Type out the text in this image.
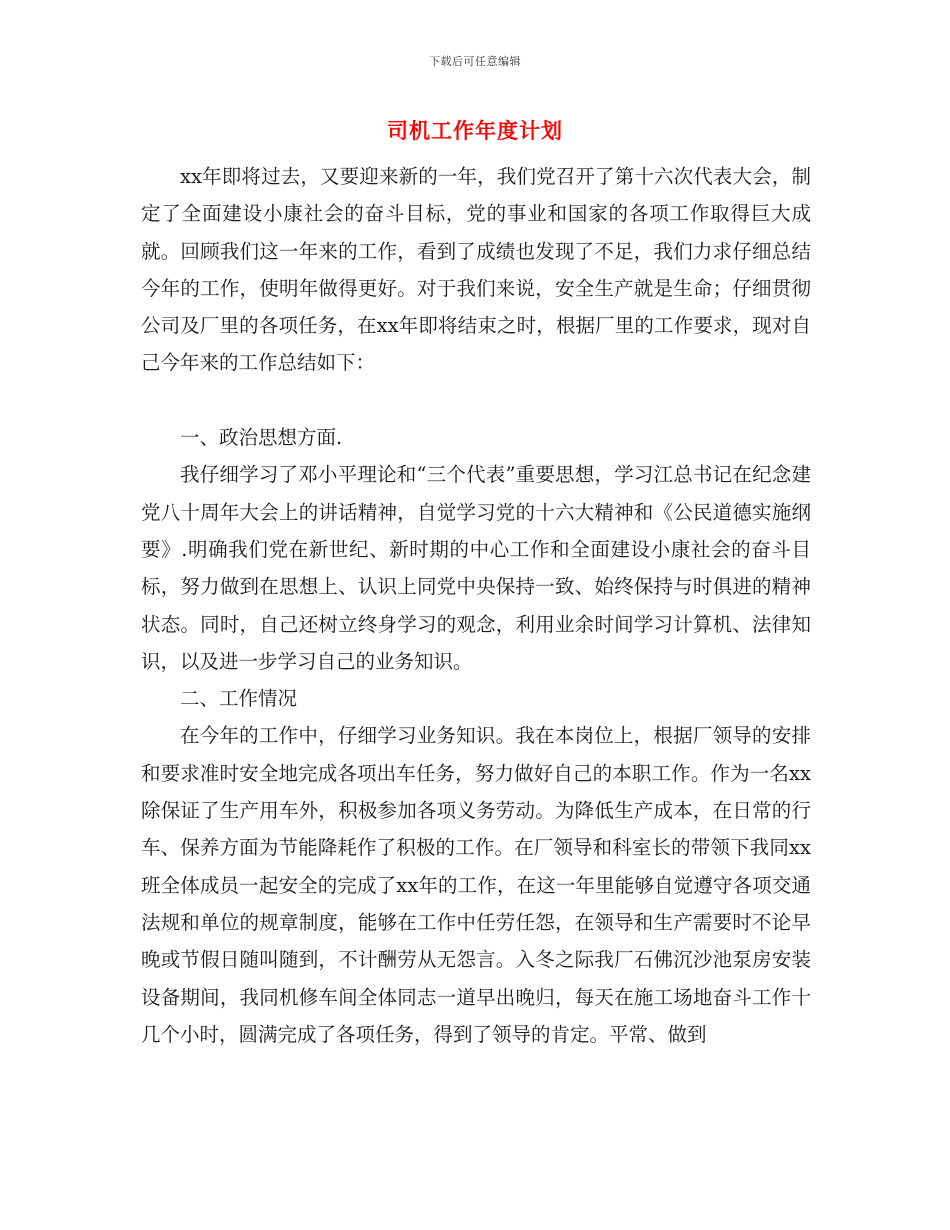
下载后可任意编辑
司机工作年度计划

xx年即将过去，又要迎来新的一年，我们党召开了第十六次代表大会，制定了全面建设小康社会的奋斗目标，党的事业和国家的各项工作取得巨大成就。回顾我们这一年来的工作，看到了成绩也发现了不足，我们力求仔细总结今年的工作，使明年做得更好。对于我们来说，安全生产就是生命；仔细贯彻公司及厂里的各项任务，在xx年即将结束之时，根据厂里的工作要求，现对自己今年来的工作总结如下：

一、政治思想方面.

我仔细学习了邓小平理论和“三个代表”重要思想，学习江总书记在纪念建党八十周年大会上的讲话精神，自觉学习党的十六大精神和《公民道德实施纲要》.明确我们党在新世纪、新时期的中心工作和全面建设小康社会的奋斗目标，努力做到在思想上、认识上同党中央保持一致、始终保持与时俱进的精神状态。同时，自己还树立终身学习的观念，利用业余时间学习计算机、法律知识，以及进一步学习自己的业务知识。

二、工作情况

在今年的工作中，仔细学习业务知识。我在本岗位上，根据厂领导的安排和要求准时安全地完成各项出车任务，努力做好自己的本职工作。作为一名xx除保证了生产用车外，积极参加各项义务劳动。为降低生产成本，在日常的行车、保养方面为节能降耗作了积极的工作。在厂领导和科室长的带领下我同xx班全体成员一起安全的完成了xx年的工作，在这一年里能够自觉遵守各项交通法规和单位的规章制度，能够在工作中任劳任怨，在领导和生产需要时不论早晚或节假日随叫随到，不计酬劳从无怨言。入冬之际我厂石佛沉沙池泵房安装设备期间，我同机修车间全体同志一道早出晚归，每天在施工场地奋斗工作十几个小时，圆满完成了各项任务，得到了领导的肯定。平常、做到
